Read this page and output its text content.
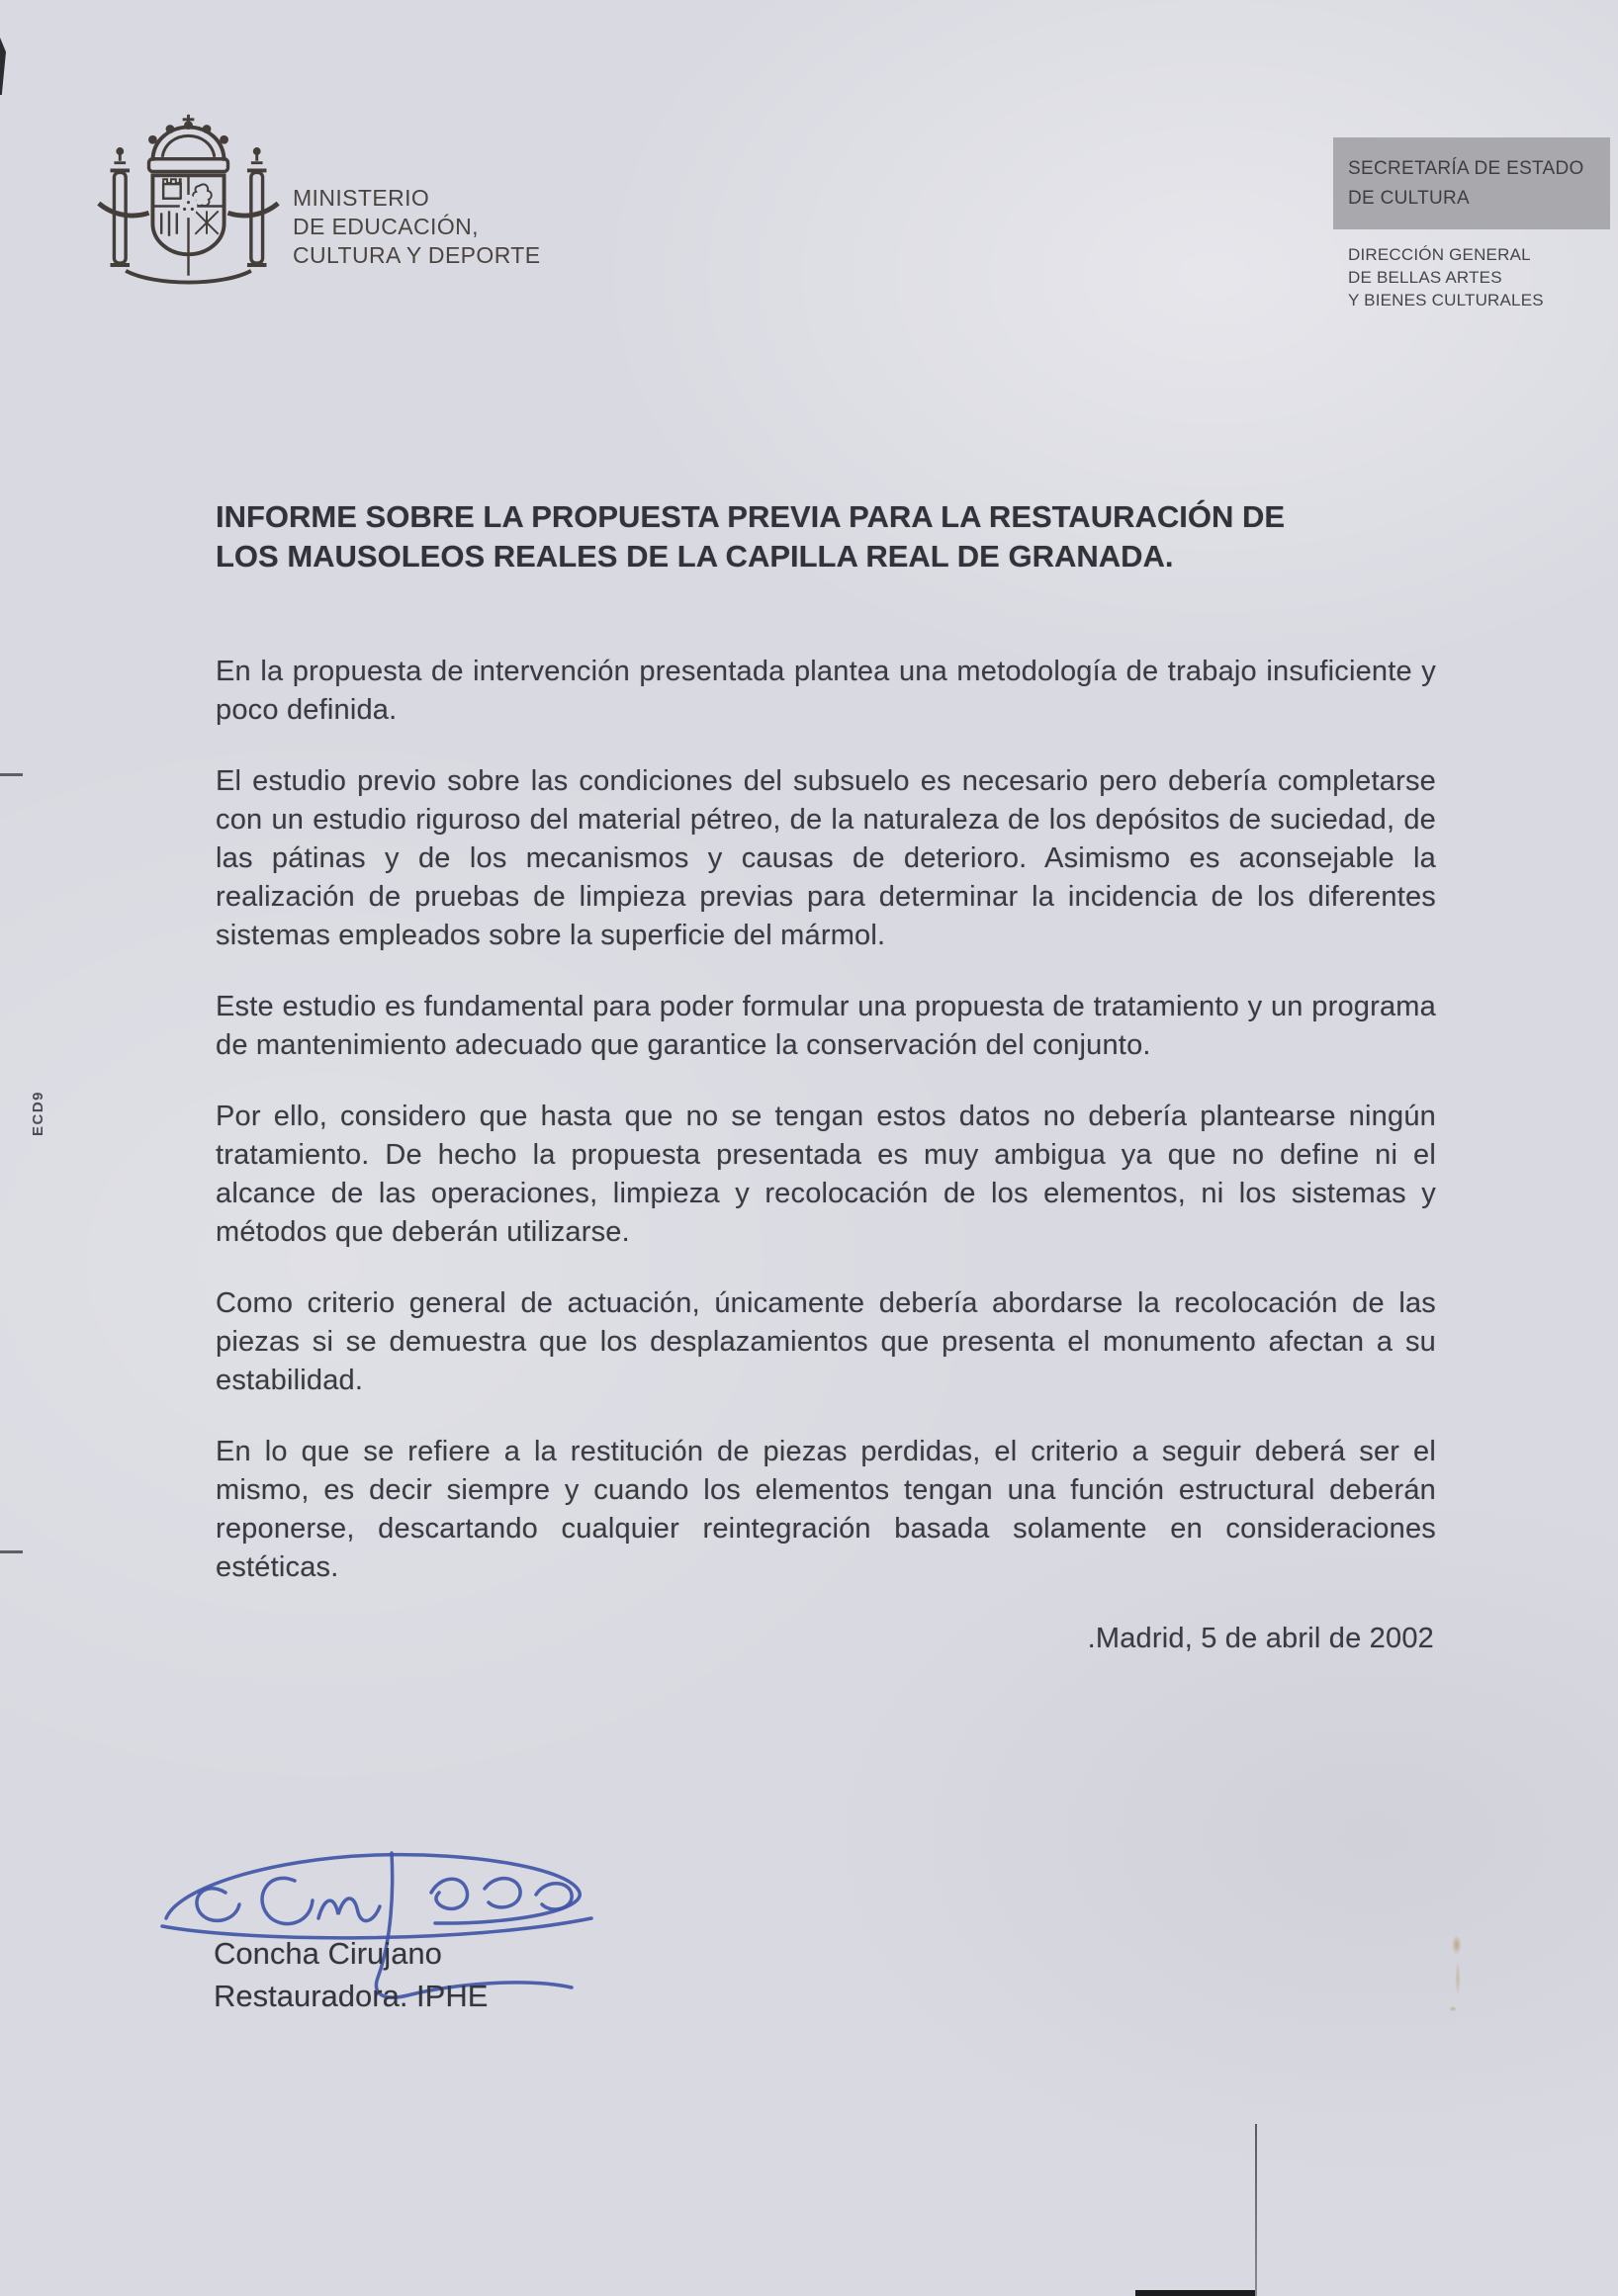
MINISTERIO
DE EDUCACIÓN,
CULTURA Y DEPORTE
SECRETARÍA DE ESTADO
DE CULTURA
DIRECCIÓN GENERAL
DE BELLAS ARTES
Y BIENES CULTURALES
INFORME SOBRE LA PROPUESTA PREVIA PARA LA RESTAURACIÓN DE
LOS MAUSOLEOS REALES DE LA CAPILLA REAL DE GRANADA.

En la propuesta de intervención presentada plantea una metodología de trabajo insuficiente y poco definida.

El estudio previo sobre las condiciones del subsuelo es necesario pero debería completarse con un estudio riguroso del material pétreo, de la naturaleza de los depósitos de suciedad, de las pátinas y de los mecanismos y causas de deterioro. Asimismo es aconsejable la realización de pruebas de limpieza previas para determinar la incidencia de los diferentes sistemas empleados sobre la superficie del mármol.

Este estudio es fundamental para poder formular una propuesta de tratamiento y un programa de mantenimiento adecuado que garantice la conservación del conjunto.

Por ello, considero que hasta que no se tengan estos datos no debería plantearse ningún tratamiento. De hecho la propuesta presentada es muy ambigua ya que no define ni el alcance de las operaciones, limpieza y recolocación de los elementos, ni los sistemas y métodos que deberán utilizarse.

Como criterio general de actuación, únicamente debería abordarse la recolocación de las piezas si se demuestra que los desplazamientos que presenta el monumento afectan a su estabilidad.

En lo que se refiere a la restitución de piezas perdidas, el criterio a seguir deberá ser el mismo, es decir siempre y cuando los elementos tengan una función estructural deberán reponerse, descartando cualquier reintegración basada solamente en consideraciones estéticas.

.Madrid, 5 de abril de 2002
Concha Cirujano
Restauradora. IPHE
ECD9
